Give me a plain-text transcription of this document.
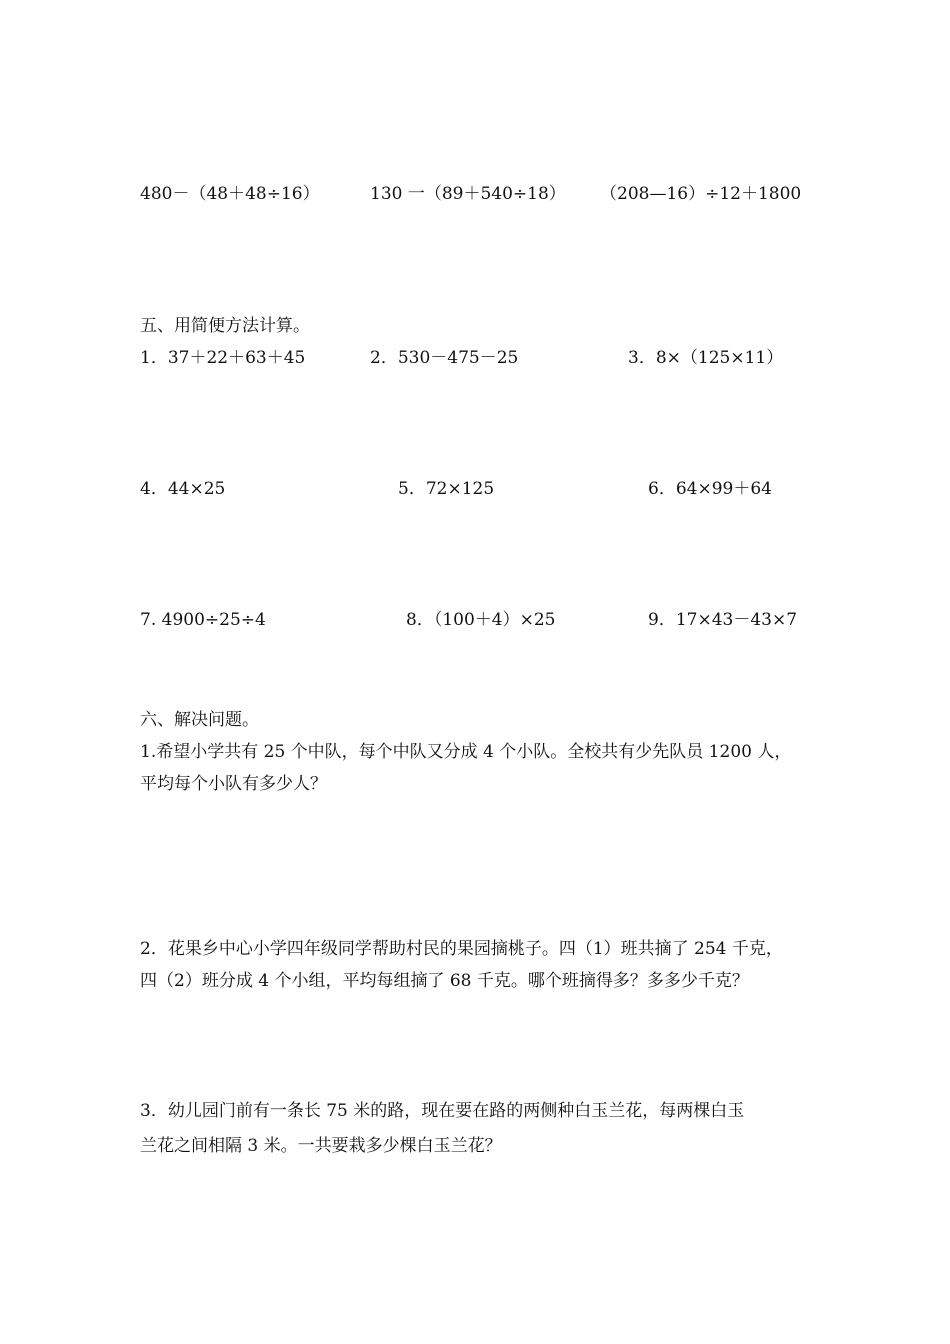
480－（48＋48÷16）	130 一（89＋540÷18） （208—16）÷12＋1800
五、用简便方法计算。
1．37＋22＋63＋45	2．530－475－25	3．8×（125×11）
4．44×25	5．72×125	6．64×99＋64
7. 4900÷25÷4	8．（100＋4）×25	9．17×43－43×7
六、解决问题。
1.希望小学共有 25 个中队，每个中队又分成 4 个小队。全校共有少先队员 1200 人，
平均每个小队有多少人？
2．花果乡中心小学四年级同学帮助村民的果园摘桃子。四（1）班共摘了 254 千克，
四（2）班分成 4 个小组，平均每组摘了 68 千克。哪个班摘得多？多多少千克？
3．幼儿园门前有一条长 75 米的路，现在要在路的两侧种白玉兰花，每两棵白玉
兰花之间相隔 3 米。一共要栽多少棵白玉兰花？
